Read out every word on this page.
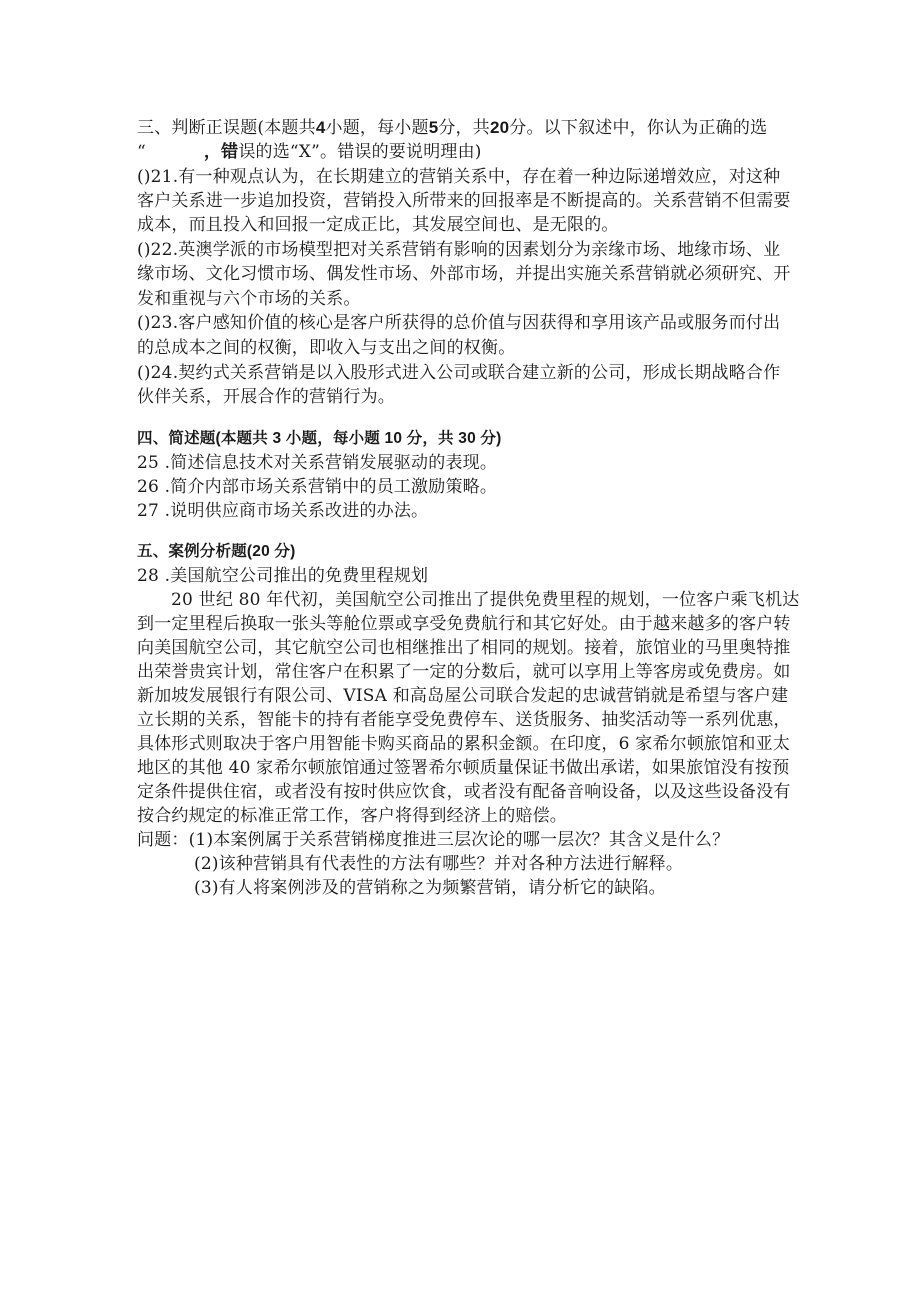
三、判断正误题(本题共4小题，每小题5分，共20分。以下叙述中，你认为正确的选
“	，错误的选“X”。错误的要说明理由)
()21.有一种观点认为，在长期建立的营销关系中，存在着一种边际递增效应，对这种
客户关系进一步追加投资，营销投入所带来的回报率是不断提高的。关系营销不但需要
成本，而且投入和回报一定成正比，其发展空间也、是无限的。
()22.英澳学派的市场模型把对关系营销有影响的因素划分为亲缘市场、地缘市场、业
缘市场、文化习惯市场、偶发性市场、外部市场，并提出实施关系营销就必须研究、开
发和重视与六个市场的关系。
()23.客户感知价值的核心是客户所获得的总价值与因获得和享用该产品或服务而付出
的总成本之间的权衡，即收入与支出之间的权衡。
()24.契约式关系营销是以入股形式进入公司或联合建立新的公司，形成长期战略合作
伙伴关系，开展合作的营销行为。
四、简述题(本题共 3 小题，每小题 10 分，共 30 分)
25 .简述信息技术对关系营销发展驱动的表现。
26 .简介内部市场关系营销中的员工激励策略。
27 .说明供应商市场关系改进的办法。
五、案例分析题(20 分)
28 .美国航空公司推出的免费里程规划
20 世纪 80 年代初，美国航空公司推出了提供免费里程的规划，一位客户乘飞机达
到一定里程后换取一张头等舱位票或享受免费航行和其它好处。由于越来越多的客户转
向美国航空公司，其它航空公司也相继推出了相同的规划。接着，旅馆业的马里奥特推
出荣誉贵宾计划，常住客户在积累了一定的分数后，就可以享用上等客房或免费房。如
新加坡发展银行有限公司、VISA 和高岛屋公司联合发起的忠诚营销就是希望与客户建
立长期的关系，智能卡的持有者能享受免费停车、送货服务、抽奖活动等一系列优惠，
具体形式则取决于客户用智能卡购买商品的累积金额。在印度，6 家希尔顿旅馆和亚太
地区的其他 40 家希尔顿旅馆通过签署希尔顿质量保证书做出承诺，如果旅馆没有按预
定条件提供住宿，或者没有按时供应饮食，或者没有配备音响设备，以及这些设备没有
按合约规定的标准正常工作，客户将得到经济上的赔偿。
问题：(1)本案例属于关系营销梯度推进三层次论的哪一层次？其含义是什么？
(2)该种营销具有代表性的方法有哪些？并对各种方法进行解释。
(3)有人将案例涉及的营销称之为频繁营销，请分析它的缺陷。
